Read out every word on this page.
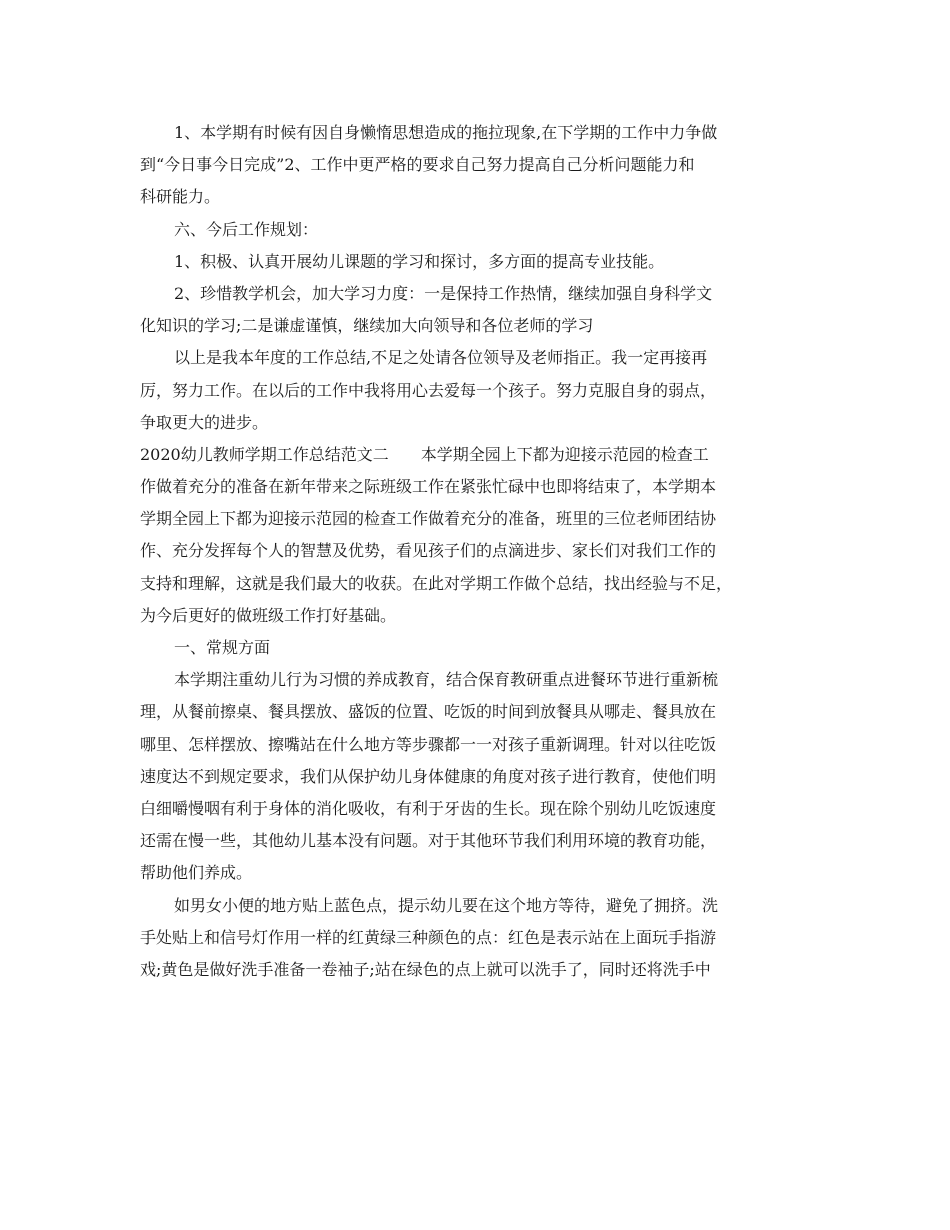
1、本学期有时候有因自身懒惰思想造成的拖拉现象,在下学期的工作中力争做
到“今日事今日完成”2、工作中更严格的要求自己努力提高自己分析问题能力和
科研能力。
六、今后工作规划：
1、积极、认真开展幼儿课题的学习和探讨，多方面的提高专业技能。
2、珍惜教学机会，加大学习力度：一是保持工作热情，继续加强自身科学文
化知识的学习;二是谦虚谨慎，继续加大向领导和各位老师的学习
以上是我本年度的工作总结,不足之处请各位领导及老师指正。我一定再接再
厉，努力工作。在以后的工作中我将用心去爱每一个孩子。努力克服自身的弱点，
争取更大的进步。
2020幼儿教师学期工作总结范文二　　本学期全园上下都为迎接示范园的检查工
作做着充分的准备在新年带来之际班级工作在紧张忙碌中也即将结束了，本学期本
学期全园上下都为迎接示范园的检查工作做着充分的准备，班里的三位老师团结协
作、充分发挥每个人的智慧及优势，看见孩子们的点滴进步、家长们对我们工作的
支持和理解，这就是我们最大的收获。在此对学期工作做个总结，找出经验与不足，
为今后更好的做班级工作打好基础。
一、常规方面
本学期注重幼儿行为习惯的养成教育，结合保育教研重点进餐环节进行重新梳
理，从餐前擦桌、餐具摆放、盛饭的位置、吃饭的时间到放餐具从哪走、餐具放在
哪里、怎样摆放、擦嘴站在什么地方等步骤都一一对孩子重新调理。针对以往吃饭
速度达不到规定要求，我们从保护幼儿身体健康的角度对孩子进行教育，使他们明
白细嚼慢咽有利于身体的消化吸收，有利于牙齿的生长。现在除个别幼儿吃饭速度
还需在慢一些，其他幼儿基本没有问题。对于其他环节我们利用环境的教育功能，
帮助他们养成。
如男女小便的地方贴上蓝色点，提示幼儿要在这个地方等待，避免了拥挤。洗
手处贴上和信号灯作用一样的红黄绿三种颜色的点：红色是表示站在上面玩手指游
戏;黄色是做好洗手准备一卷袖子;站在绿色的点上就可以洗手了，同时还将洗手中
